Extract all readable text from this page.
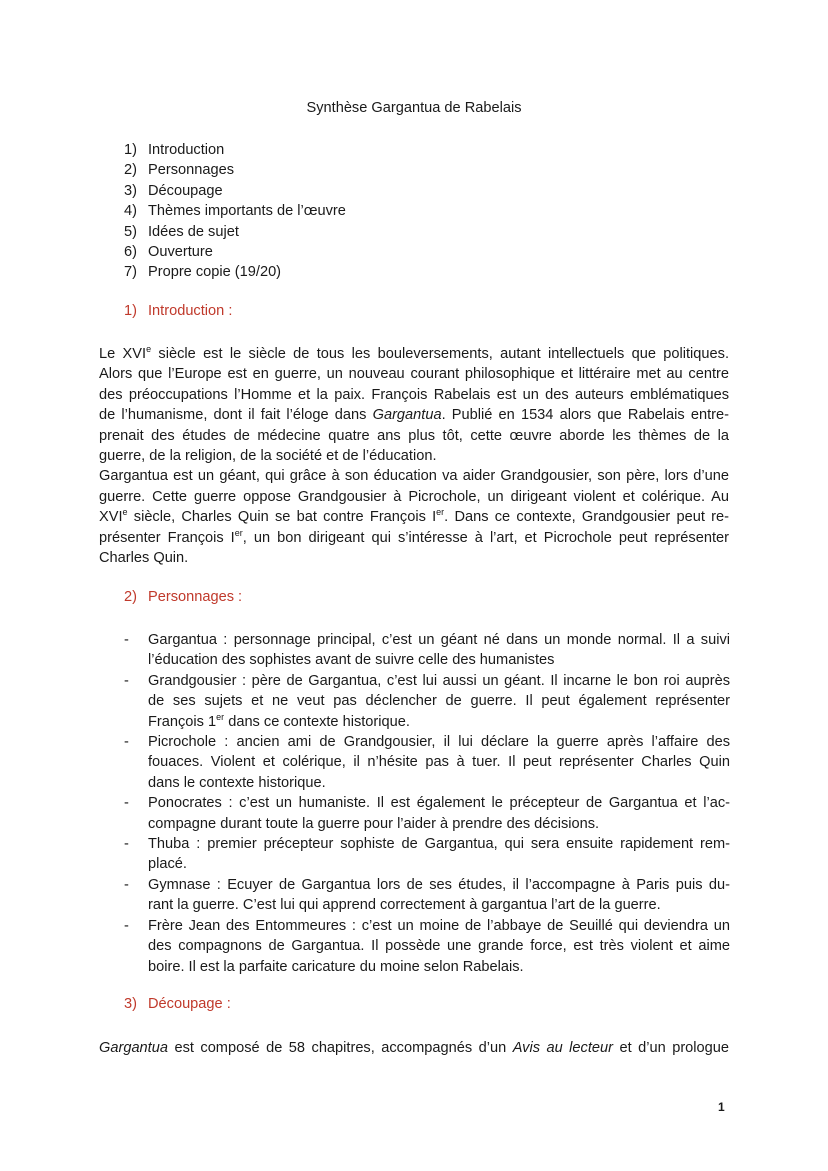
Synthèse Gargantua de Rabelais
1) Introduction
2) Personnages
3) Découpage
4) Thèmes importants de l’œuvre
5) Idées de sujet
6) Ouverture
7) Propre copie (19/20)
1) Introduction :
Le XVIe siècle est le siècle de tous les bouleversements, autant intellectuels que politiques.
Alors que l’Europe est en guerre, un nouveau courant philosophique et littéraire met au centre
des préoccupations l’Homme et la paix. François Rabelais est un des auteurs emblématiques
de l’humanisme, dont il fait l’éloge dans Gargantua. Publié en 1534 alors que Rabelais entre-
prenait des études de médecine quatre ans plus tôt, cette œuvre aborde les thèmes de la
guerre, de la religion, de la société et de l’éducation.
Gargantua est un géant, qui grâce à son éducation va aider Grandgousier, son père, lors d’une
guerre. Cette guerre oppose Grandgousier à Picrochole, un dirigeant violent et colérique. Au
XVIe siècle, Charles Quin se bat contre François Ier. Dans ce contexte, Grandgousier peut re-
présenter François Ier, un bon dirigeant qui s’intéresse à l’art, et Picrochole peut représenter
Charles Quin.
2) Personnages :
-	Gargantua : personnage principal, c’est un géant né dans un monde normal. Il a suivi
l’éducation des sophistes avant de suivre celle des humanistes
-	Grandgousier : père de Gargantua, c’est lui aussi un géant. Il incarne le bon roi auprès
de ses sujets et ne veut pas déclencher de guerre. Il peut également représenter
François 1er dans ce contexte historique.
-	Picrochole : ancien ami de Grandgousier, il lui déclare la guerre après l’affaire des
fouaces. Violent et colérique, il n’hésite pas à tuer. Il peut représenter Charles Quin
dans le contexte historique.
-	Ponocrates : c’est un humaniste. Il est également le précepteur de Gargantua et l’ac-
compagne durant toute la guerre pour l’aider à prendre des décisions.
-	Thuba : premier précepteur sophiste de Gargantua, qui sera ensuite rapidement rem-
placé.
-	Gymnase : Ecuyer de Gargantua lors de ses études, il l’accompagne à Paris puis du-
rant la guerre. C’est lui qui apprend correctement à gargantua l’art de la guerre.
-	Frère Jean des Entommeures : c’est un moine de l’abbaye de Seuillé qui deviendra un
des compagnons de Gargantua. Il possède une grande force, est très violent et aime
boire. Il est la parfaite caricature du moine selon Rabelais.
3) Découpage :
Gargantua est composé de 58 chapitres, accompagnés d’un Avis au lecteur et d’un prologue
1
